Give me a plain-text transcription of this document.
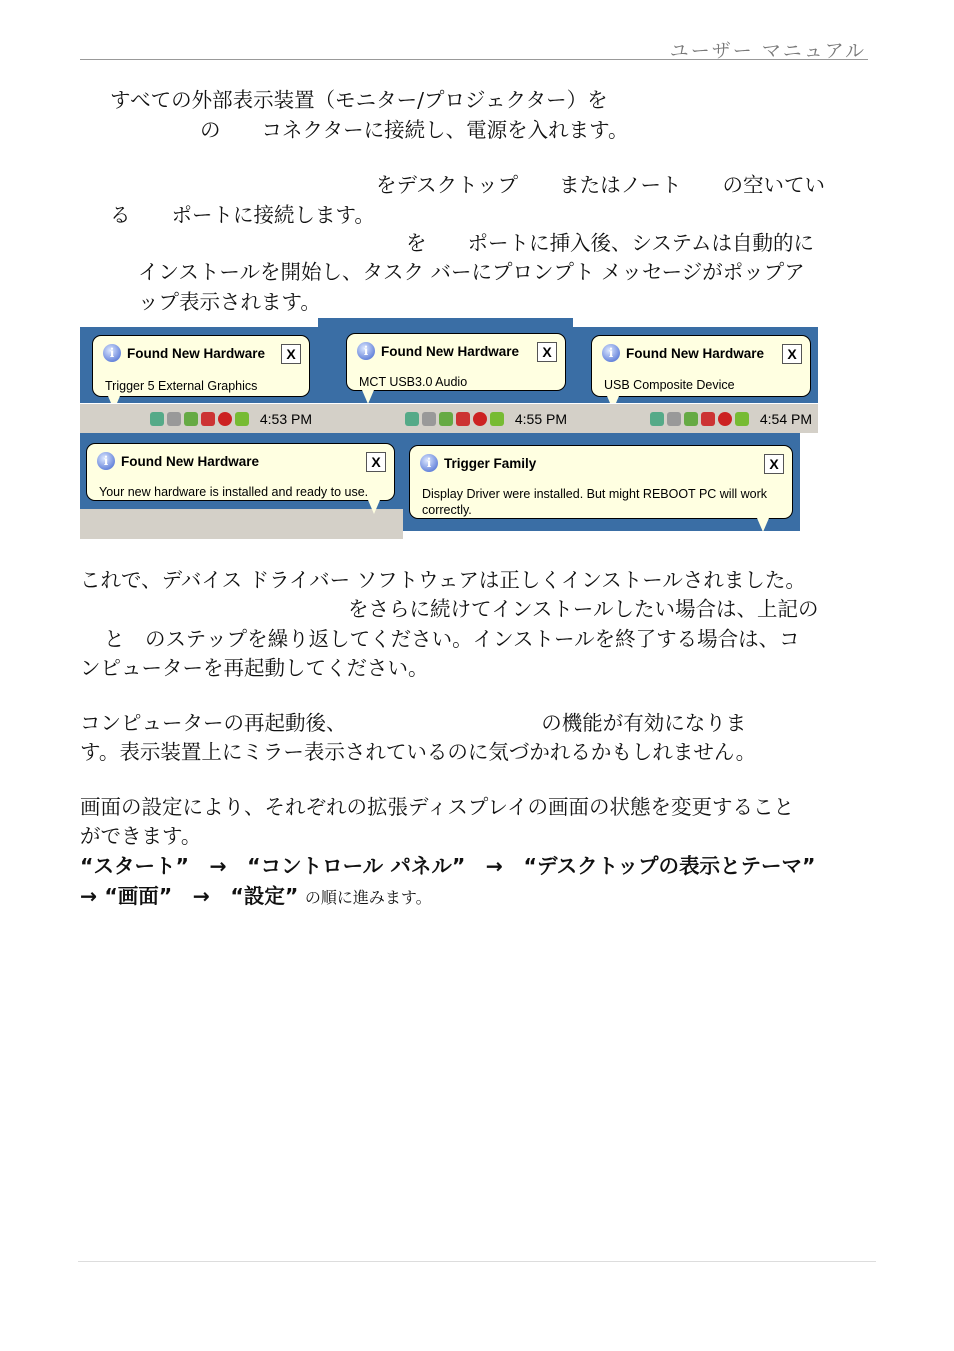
ユーザー マニュアル
すべての外部表示装置（モニター/プロジェクター）を
の　　コネクターに接続し、電源を入れます。
をデスクトップ　　またはノート　　の空いてい
る　　ポートに接続します。
を　　ポートに挿入後、システムは自動的に
インストールを開始し、タスク バーにプロンプト メッセージがポップア
ップ表示されます。
i Found New Hardware	X
Trigger 5 External Graphics
4:53 PM
i Found New Hardware	X
MCT USB3.0 Audio
4:55 PM
i Found New Hardware	X
USB Composite Device
4:54 PM
i Found New Hardware	X
Your new hardware is installed and ready to use.
i Trigger Family	X
Display Driver were installed. But might REBOOT PC will work correctly.
これで、デバイス ドライバー ソフトウェアは正しくインストールされました。
をさらに続けてインストールしたい場合は、上記の
と　のステップを繰り返してください。インストールを終了する場合は、コ
ンピューターを再起動してください。
コンピューターの再起動後、　　　　　　　　　　の機能が有効になりま
す。表示装置上にミラー表示されているのに気づかれるかもしれません。
画面の設定により、それぞれの拡張ディスプレイの画面の状態を変更すること
ができます。
“スタート”　→　“コントロール パネル”　→　“デスクトップの表示とテーマ”
→ “画面”　→　“設定” の順に進みます。
